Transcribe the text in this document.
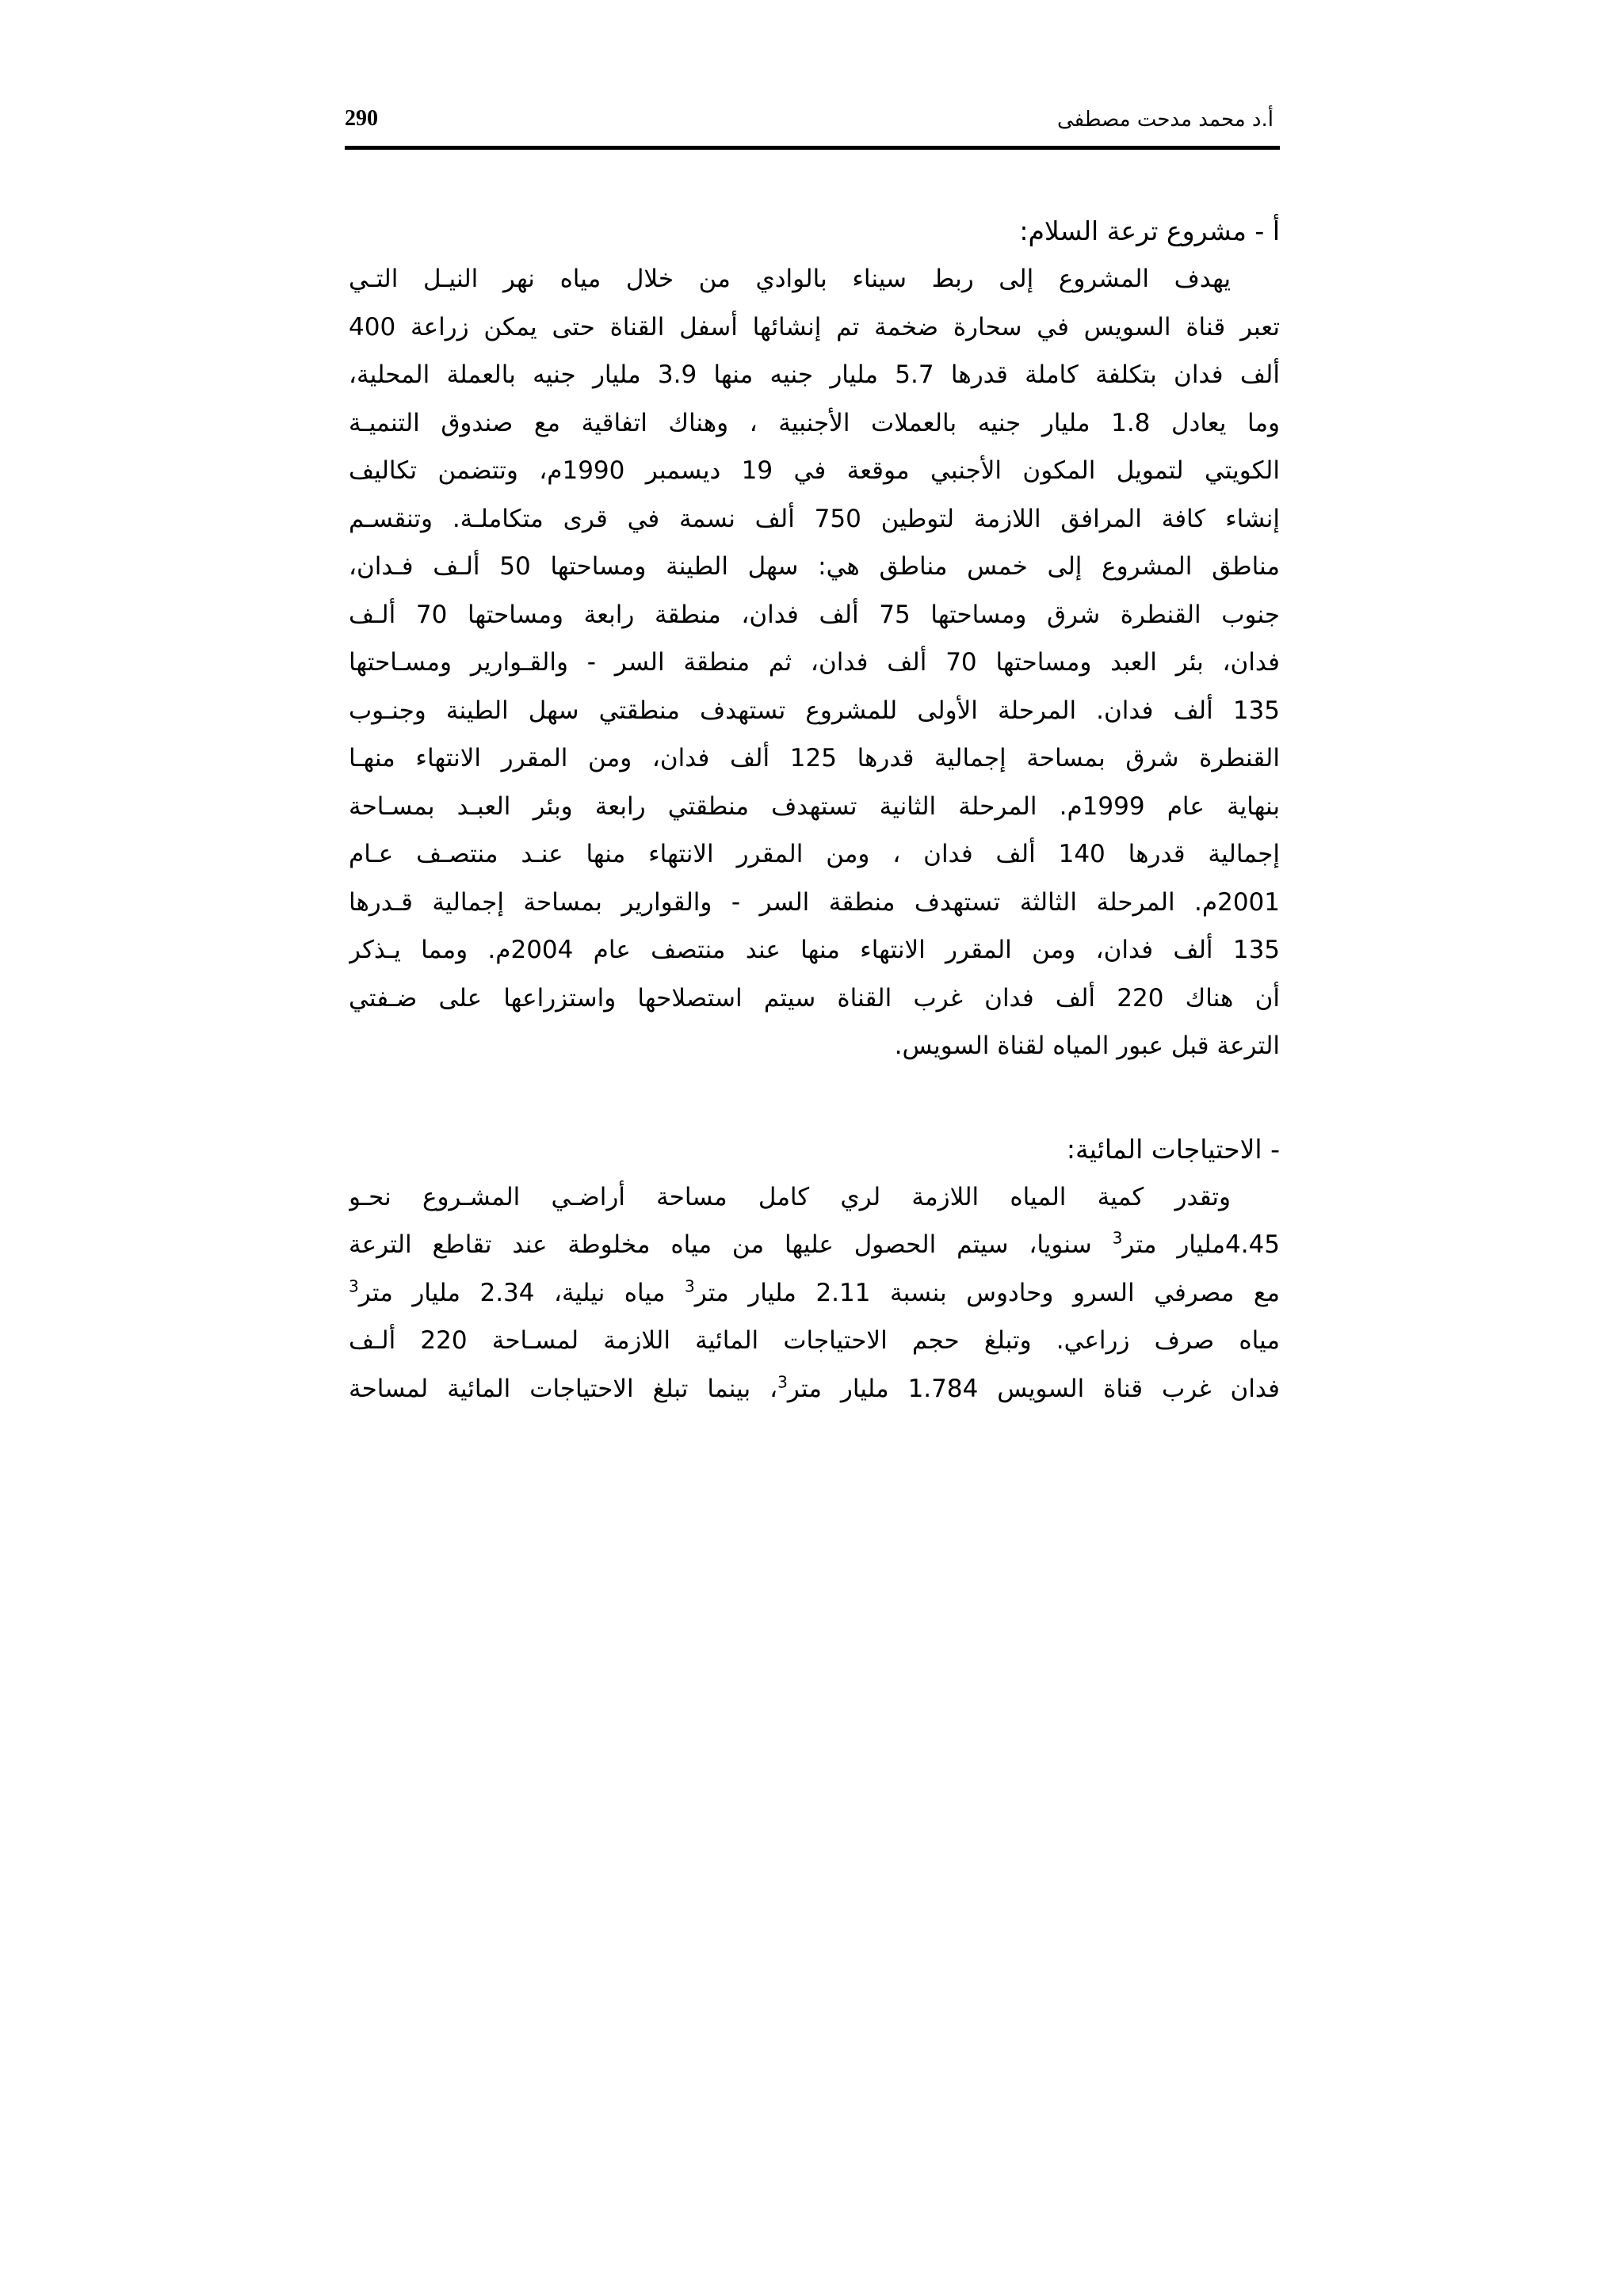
290	أ.د محمد مدحت مصطفى

أ - مشروع ترعة السلام:

يهدف المشروع إلى ربط سيناء بالوادي من خلال مياه نهر النيـل التـي
تعبر قناة السويس في سحارة ضخمة تم إنشائها أسفل القناة حتى يمكن زراعة 400
ألف فدان بتكلفة كاملة قدرها 5.7 مليار جنيه منها 3.9 مليار جنيه بالعملة المحلية،
وما يعادل 1.8 مليار جنيه بالعملات الأجنبية ، وهناك اتفاقية مع صندوق التنميـة
الكويتي لتمويل المكون الأجنبي موقعة في 19 ديسمبر 1990م، وتتضمن تكاليف
إنشاء كافة المرافق اللازمة لتوطين 750 ألف نسمة في قرى متكاملـة. وتنقسـم
مناطق المشروع إلى خمس مناطق هي: سهل الطينة ومساحتها 50 ألـف فـدان،
جنوب القنطرة شرق ومساحتها 75 ألف فدان، منطقة رابعة ومساحتها 70 ألـف
فدان، بئر العبد ومساحتها 70 ألف فدان، ثم منطقة السر - والقـوارير ومسـاحتها
135 ألف فدان. المرحلة الأولى للمشروع تستهدف منطقتي سهل الطينة وجنـوب
القنطرة شرق بمساحة إجمالية قدرها 125 ألف فدان، ومن المقرر الانتهاء منهـا
بنهاية عام 1999م. المرحلة الثانية تستهدف منطقتي رابعة وبئر العبـد بمسـاحة
إجمالية قدرها 140 ألف فدان ، ومن المقرر الانتهاء منها عنـد منتصـف عـام
2001م. المرحلة الثالثة تستهدف منطقة السر - والقوارير بمساحة إجمالية قـدرها
135 ألف فدان، ومن المقرر الانتهاء منها عند منتصف عام 2004م. ومما يـذكر
أن هناك 220 ألف فدان غرب القناة سيتم استصلاحها واستزراعها على ضـفتي
الترعة قبل عبور المياه لقناة السويس.

- الاحتياجات المائية:

وتقدر كمية المياه اللازمة لري كامل مساحة أراضـي المشـروع نحـو
4.45مليار متر$^3$ سنويا، سيتم الحصول عليها من مياه مخلوطة عند تقاطع الترعة
مع مصرفي السرو وحادوس بنسبة 2.11 مليار متر$^3$ مياه نيلية، 2.34 مليار متر$^3$
مياه صرف زراعي. وتبلغ حجم الاحتياجات المائية اللازمة لمسـاحة 220 ألـف
فدان غرب قناة السويس 1.784 مليار متر$^3$، بينما تبلغ الاحتياجات المائية لمساحة
